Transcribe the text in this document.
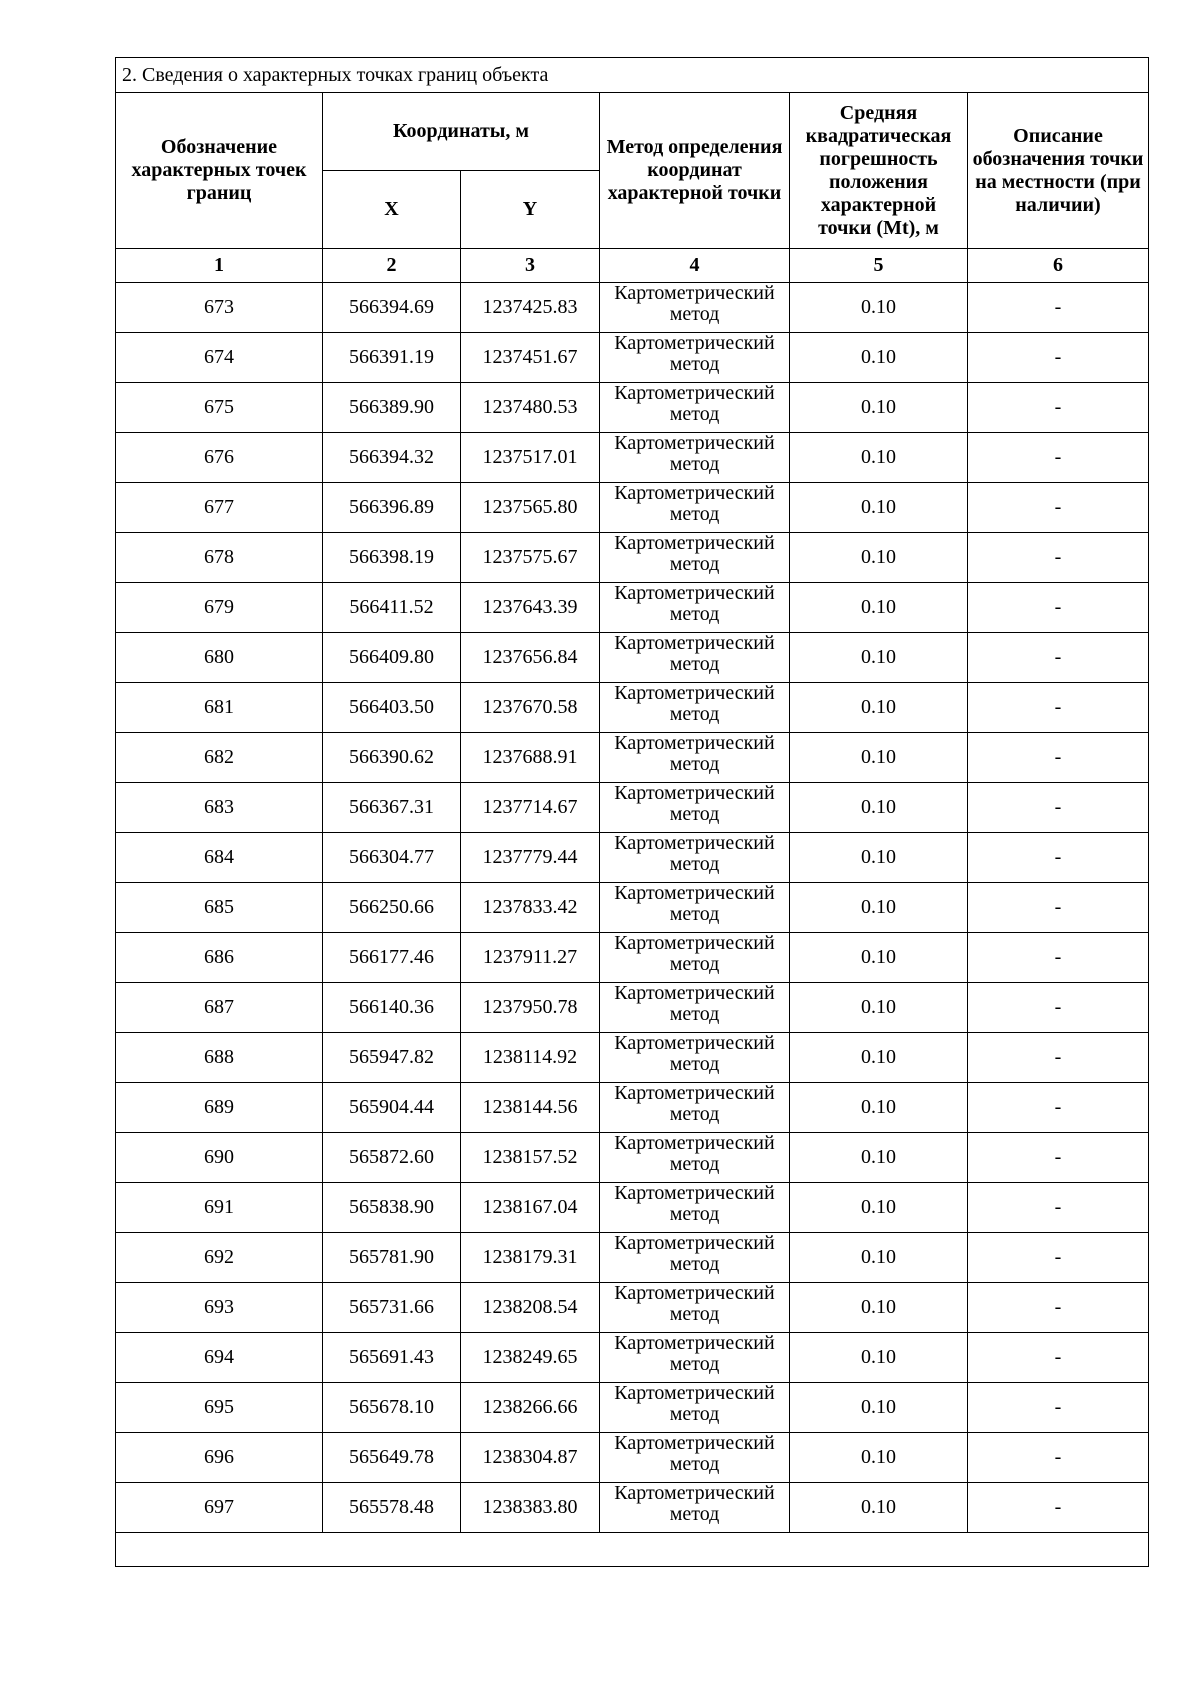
2. Сведения о характерных точках границ объекта					
Обозначение характерных точек границ	Координаты, м		Метод определения координат характерной точки	Средняя квадратическая погрешность положения характерной точки (Mt), м	Описание обозначения точки на местности (при наличии)
	X	Y			
1	2	3	4	5	6
673	566394.69	1237425.83	Картометрический метод	0.10	-
674	566391.19	1237451.67	Картометрический метод	0.10	-
675	566389.90	1237480.53	Картометрический метод	0.10	-
676	566394.32	1237517.01	Картометрический метод	0.10	-
677	566396.89	1237565.80	Картометрический метод	0.10	-
678	566398.19	1237575.67	Картометрический метод	0.10	-
679	566411.52	1237643.39	Картометрический метод	0.10	-
680	566409.80	1237656.84	Картометрический метод	0.10	-
681	566403.50	1237670.58	Картометрический метод	0.10	-
682	566390.62	1237688.91	Картометрический метод	0.10	-
683	566367.31	1237714.67	Картометрический метод	0.10	-
684	566304.77	1237779.44	Картометрический метод	0.10	-
685	566250.66	1237833.42	Картометрический метод	0.10	-
686	566177.46	1237911.27	Картометрический метод	0.10	-
687	566140.36	1237950.78	Картометрический метод	0.10	-
688	565947.82	1238114.92	Картометрический метод	0.10	-
689	565904.44	1238144.56	Картометрический метод	0.10	-
690	565872.60	1238157.52	Картометрический метод	0.10	-
691	565838.90	1238167.04	Картометрический метод	0.10	-
692	565781.90	1238179.31	Картометрический метод	0.10	-
693	565731.66	1238208.54	Картометрический метод	0.10	-
694	565691.43	1238249.65	Картометрический метод	0.10	-
695	565678.10	1238266.66	Картометрический метод	0.10	-
696	565649.78	1238304.87	Картометрический метод	0.10	-
697	565578.48	1238383.80	Картометрический метод	0.10	-
